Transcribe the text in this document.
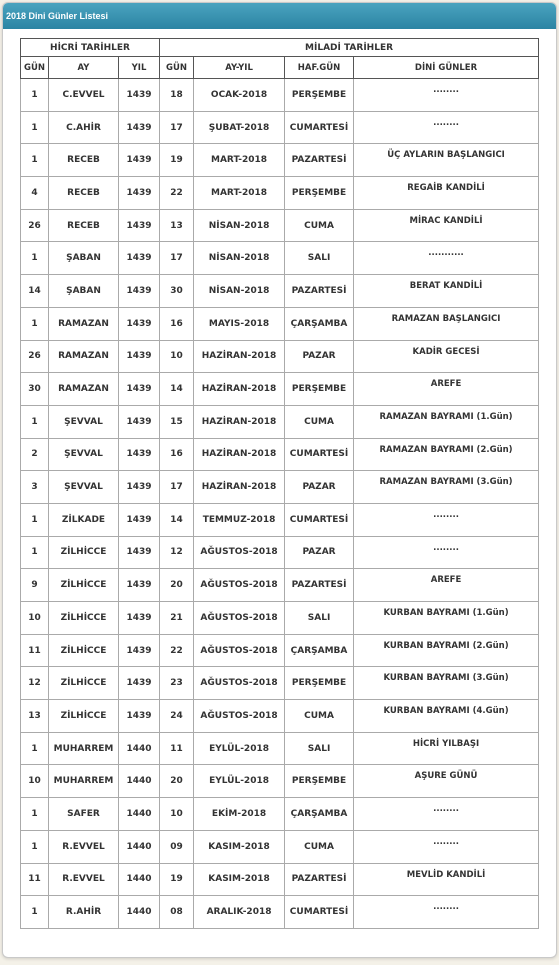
2018 Dini Günler Listesi
HİCRİ TARİHLER			MİLADİ TARİHLER			
GÜN	AY	YIL	GÜN	AY-YIL	HAF.GÜN	DİNİ GÜNLER
1	C.EVVEL	1439	18	OCAK-2018	PERŞEMBE	........
1	C.AHİR	1439	17	ŞUBAT-2018	CUMARTESİ	........
1	RECEB	1439	19	MART-2018	PAZARTESİ	ÜÇ AYLARIN BAŞLANGICI
4	RECEB	1439	22	MART-2018	PERŞEMBE	REGAİB KANDİLİ
26	RECEB	1439	13	NİSAN-2018	CUMA	MİRAC KANDİLİ
1	ŞABAN	1439	17	NİSAN-2018	SALI	...........
14	ŞABAN	1439	30	NİSAN-2018	PAZARTESİ	BERAT KANDİLİ
1	RAMAZAN	1439	16	MAYIS-2018	ÇARŞAMBA	RAMAZAN BAŞLANGICI
26	RAMAZAN	1439	10	HAZİRAN-2018	PAZAR	KADİR GECESİ
30	RAMAZAN	1439	14	HAZİRAN-2018	PERŞEMBE	AREFE
1	ŞEVVAL	1439	15	HAZİRAN-2018	CUMA	RAMAZAN BAYRAMI (1.Gün)
2	ŞEVVAL	1439	16	HAZİRAN-2018	CUMARTESİ	RAMAZAN BAYRAMI (2.Gün)
3	ŞEVVAL	1439	17	HAZİRAN-2018	PAZAR	RAMAZAN BAYRAMI (3.Gün)
1	ZİLKADE	1439	14	TEMMUZ-2018	CUMARTESİ	........
1	ZİLHİCCE	1439	12	AĞUSTOS-2018	PAZAR	........
9	ZİLHİCCE	1439	20	AĞUSTOS-2018	PAZARTESİ	AREFE
10	ZİLHİCCE	1439	21	AĞUSTOS-2018	SALI	KURBAN BAYRAMI (1.Gün)
11	ZİLHİCCE	1439	22	AĞUSTOS-2018	ÇARŞAMBA	KURBAN BAYRAMI (2.Gün)
12	ZİLHİCCE	1439	23	AĞUSTOS-2018	PERŞEMBE	KURBAN BAYRAMI (3.Gün)
13	ZİLHİCCE	1439	24	AĞUSTOS-2018	CUMA	KURBAN BAYRAMI (4.Gün)
1	MUHARREM	1440	11	EYLÜL-2018	SALI	HİCRİ YILBAŞI
10	MUHARREM	1440	20	EYLÜL-2018	PERŞEMBE	AŞURE GÜNÜ
1	SAFER	1440	10	EKİM-2018	ÇARŞAMBA	........
1	R.EVVEL	1440	09	KASIM-2018	CUMA	........
11	R.EVVEL	1440	19	KASIM-2018	PAZARTESİ	MEVLİD KANDİLİ
1	R.AHİR	1440	08	ARALIK-2018	CUMARTESİ	........
